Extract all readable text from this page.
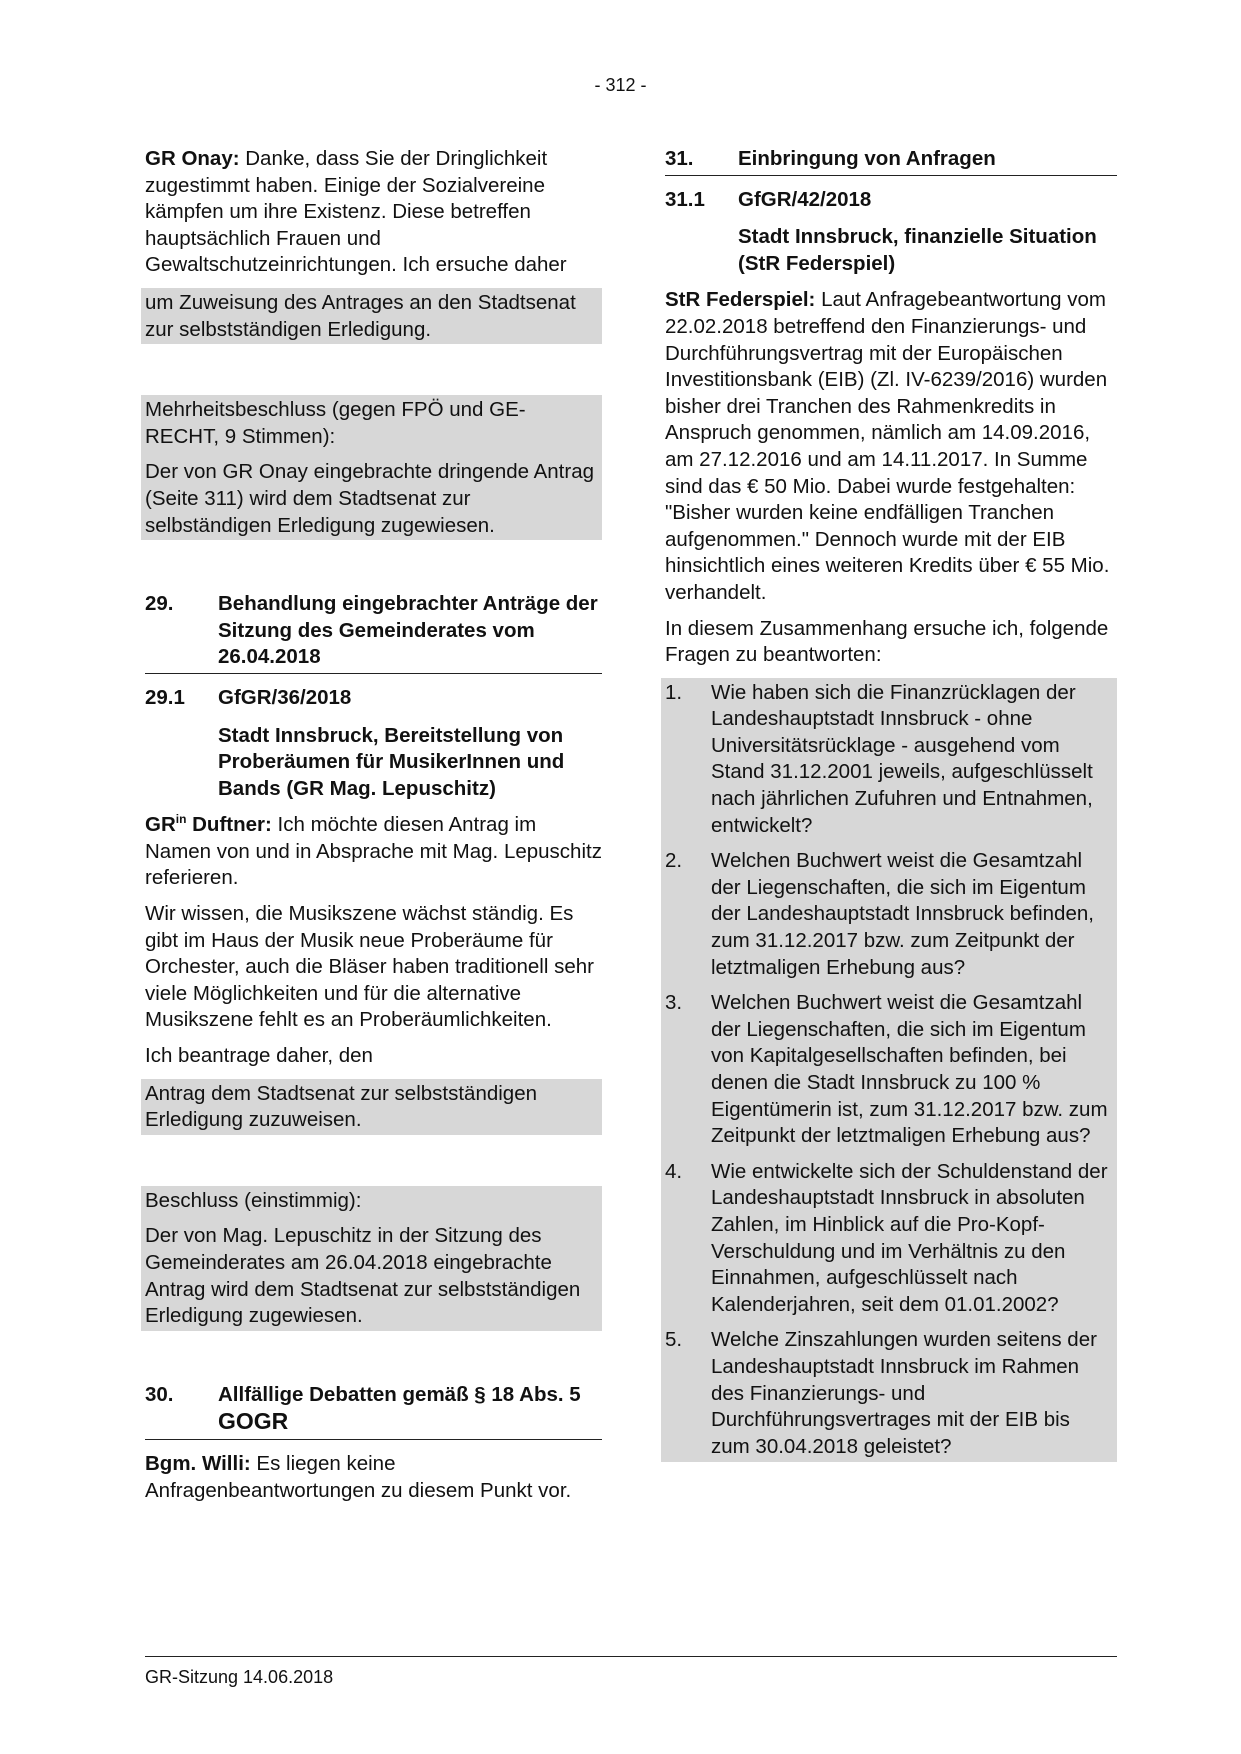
- 312 -

GR Onay: Danke, dass Sie der Dringlichkeit zugestimmt haben. Einige der Sozialvereine kämpfen um ihre Existenz. Diese betreffen hauptsächlich Frauen und Gewaltschutzeinrichtungen. Ich ersuche daher

um Zuweisung des Antrages an den Stadtsenat zur selbstständigen Erledigung.

Mehrheitsbeschluss (gegen FPÖ und GE-RECHT, 9 Stimmen):

Der von GR Onay eingebrachte dringende Antrag (Seite 311) wird dem Stadtsenat zur selbständigen Erledigung zugewiesen.

29.	Behandlung eingebrachter Anträge der Sitzung des Gemeinderates vom 26.04.2018
29.1	GfGR/36/2018

Stadt Innsbruck, Bereitstellung von Proberäumen für MusikerInnen und Bands (GR Mag. Lepuschitz)

$GR^{in}$ Duftner: Ich möchte diesen Antrag im Namen von und in Absprache mit Mag. Lepuschitz referieren.

Wir wissen, die Musikszene wächst ständig. Es gibt im Haus der Musik neue Proberäume für Orchester, auch die Bläser haben traditionell sehr viele Möglichkeiten und für die alternative Musikszene fehlt es an Proberäumlichkeiten.

Ich beantrage daher, den

Antrag dem Stadtsenat zur selbstständigen Erledigung zuzuweisen.

Beschluss (einstimmig):

Der von Mag. Lepuschitz in der Sitzung des Gemeinderates am 26.04.2018 eingebrachte Antrag wird dem Stadtsenat zur selbstständigen Erledigung zugewiesen.

30.	Allfällige Debatten gemäß § 18 Abs. 5 GOGR

Bgm. Willi: Es liegen keine Anfragenbeantwortungen zu diesem Punkt vor.

31.	Einbringung von Anfragen
31.1	GfGR/42/2018

Stadt Innsbruck, finanzielle Situation (StR Federspiel)

StR Federspiel: Laut Anfragebeantwortung vom 22.02.2018 betreffend den Finanzierungs- und Durchführungsvertrag mit der Europäischen Investitionsbank (EIB) (Zl. IV-6239/2016) wurden bisher drei Tranchen des Rahmenkredits in Anspruch genommen, nämlich am 14.09.2016, am 27.12.2016 und am 14.11.2017. In Summe sind das € 50 Mio. Dabei wurde festgehalten: "Bisher wurden keine endfälligen Tranchen aufgenommen." Dennoch wurde mit der EIB hinsichtlich eines weiteren Kredits über € 55 Mio. verhandelt.

In diesem Zusammenhang ersuche ich, folgende Fragen zu beantworten:

1.	Wie haben sich die Finanzrücklagen der Landeshauptstadt Innsbruck - ohne Universitätsrücklage - ausgehend vom Stand 31.12.2001 jeweils, aufgeschlüsselt nach jährlichen Zufuhren und Entnahmen, entwickelt?
2.	Welchen Buchwert weist die Gesamtzahl der Liegenschaften, die sich im Eigentum der Landeshauptstadt Innsbruck befinden, zum 31.12.2017 bzw. zum Zeitpunkt der letztmaligen Erhebung aus?
3.	Welchen Buchwert weist die Gesamtzahl der Liegenschaften, die sich im Eigentum von Kapitalgesellschaften befinden, bei denen die Stadt Innsbruck zu 100 % Eigentümerin ist, zum 31.12.2017 bzw. zum Zeitpunkt der letztmaligen Erhebung aus?
4.	Wie entwickelte sich der Schuldenstand der Landeshauptstadt Innsbruck in absoluten Zahlen, im Hinblick auf die Pro-Kopf-Verschuldung und im Verhältnis zu den Einnahmen, aufgeschlüsselt nach Kalenderjahren, seit dem 01.01.2002?
5.	Welche Zinszahlungen wurden seitens der Landeshauptstadt Innsbruck im Rahmen des Finanzierungs- und Durchführungsvertrages mit der EIB bis zum 30.04.2018 geleistet?
GR-Sitzung 14.06.2018
